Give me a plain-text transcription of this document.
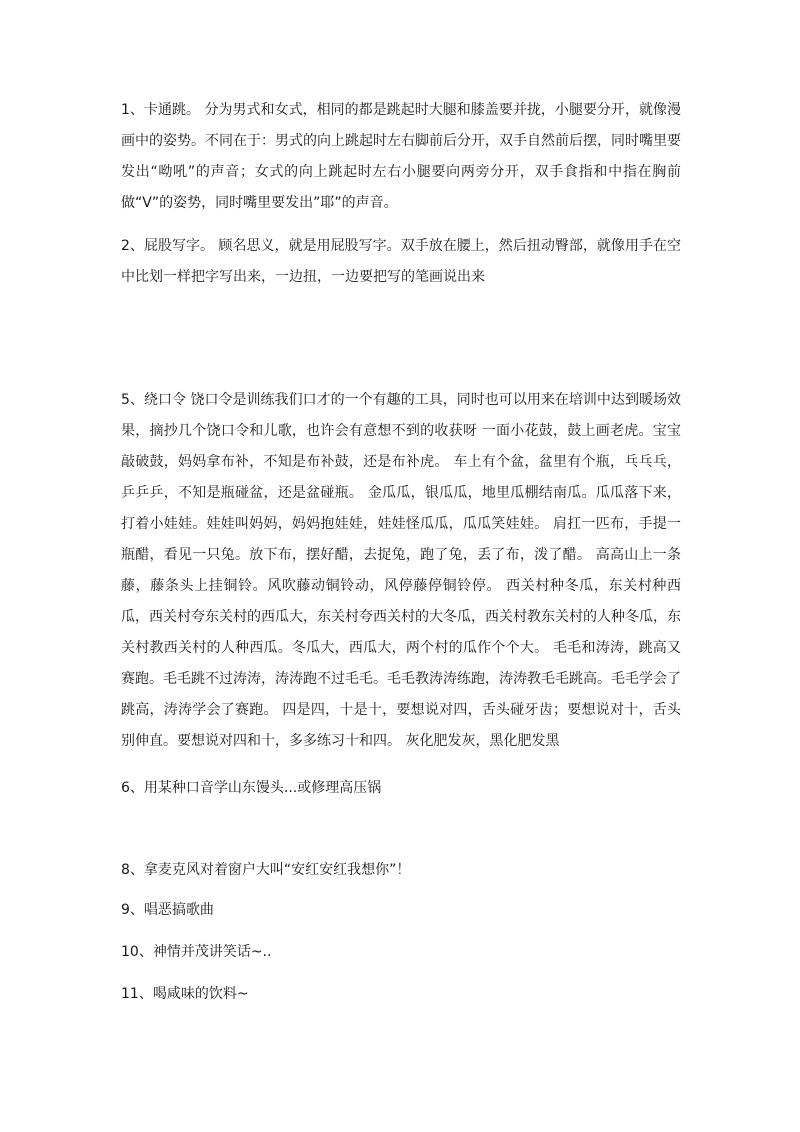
1、卡通跳。 分为男式和女式，相同的都是跳起时大腿和膝盖要并拢，小腿要分开，就像漫画中的姿势。不同在于：男式的向上跳起时左右脚前后分开，双手自然前后摆，同时嘴里要发出“呦吼”的声音；女式的向上跳起时左右小腿要向两旁分开，双手食指和中指在胸前做“V”的姿势，同时嘴里要发出”耶”的声音。

2、屁股写字。 顾名思义，就是用屁股写字。双手放在腰上，然后扭动臀部，就像用手在空中比划一样把字写出来，一边扭，一边要把写的笔画说出来

5、绕口令 饶口令是训练我们口才的一个有趣的工具，同时也可以用来在培训中达到暖场效果，摘抄几个饶口令和儿歌，也许会有意想不到的收获呀 一面小花鼓，鼓上画老虎。宝宝敲破鼓，妈妈拿布补，不知是布补鼓，还是布补虎。 车上有个盆，盆里有个瓶，乓乓乓，乒乒乒，不知是瓶碰盆，还是盆碰瓶。 金瓜瓜，银瓜瓜，地里瓜棚结南瓜。瓜瓜落下来，打着小娃娃。娃娃叫妈妈，妈妈抱娃娃，娃娃怪瓜瓜，瓜瓜笑娃娃。 肩扛一匹布，手提一瓶醋，看见一只兔。放下布，摆好醋，去捉兔，跑了兔，丢了布，泼了醋。 高高山上一条藤，藤条头上挂铜铃。风吹藤动铜铃动，风停藤停铜铃停。 西关村种冬瓜，东关村种西瓜，西关村夸东关村的西瓜大，东关村夸西关村的大冬瓜，西关村教东关村的人种冬瓜，东关村教西关村的人种西瓜。冬瓜大，西瓜大，两个村的瓜作个个大。 毛毛和涛涛，跳高又赛跑。毛毛跳不过涛涛，涛涛跑不过毛毛。毛毛教涛涛练跑，涛涛教毛毛跳高。毛毛学会了跳高，涛涛学会了赛跑。 四是四，十是十，要想说对四，舌头碰牙齿；要想说对十，舌头别伸直。要想说对四和十，多多练习十和四。 灰化肥发灰，黑化肥发黑

6、用某种口音学山东馒头...或修理高压锅

8、拿麦克风对着窗户大叫“安红安红我想你”！

9、唱恶搞歌曲

10、神情并茂讲笑话~..

11、喝咸味的饮料~
